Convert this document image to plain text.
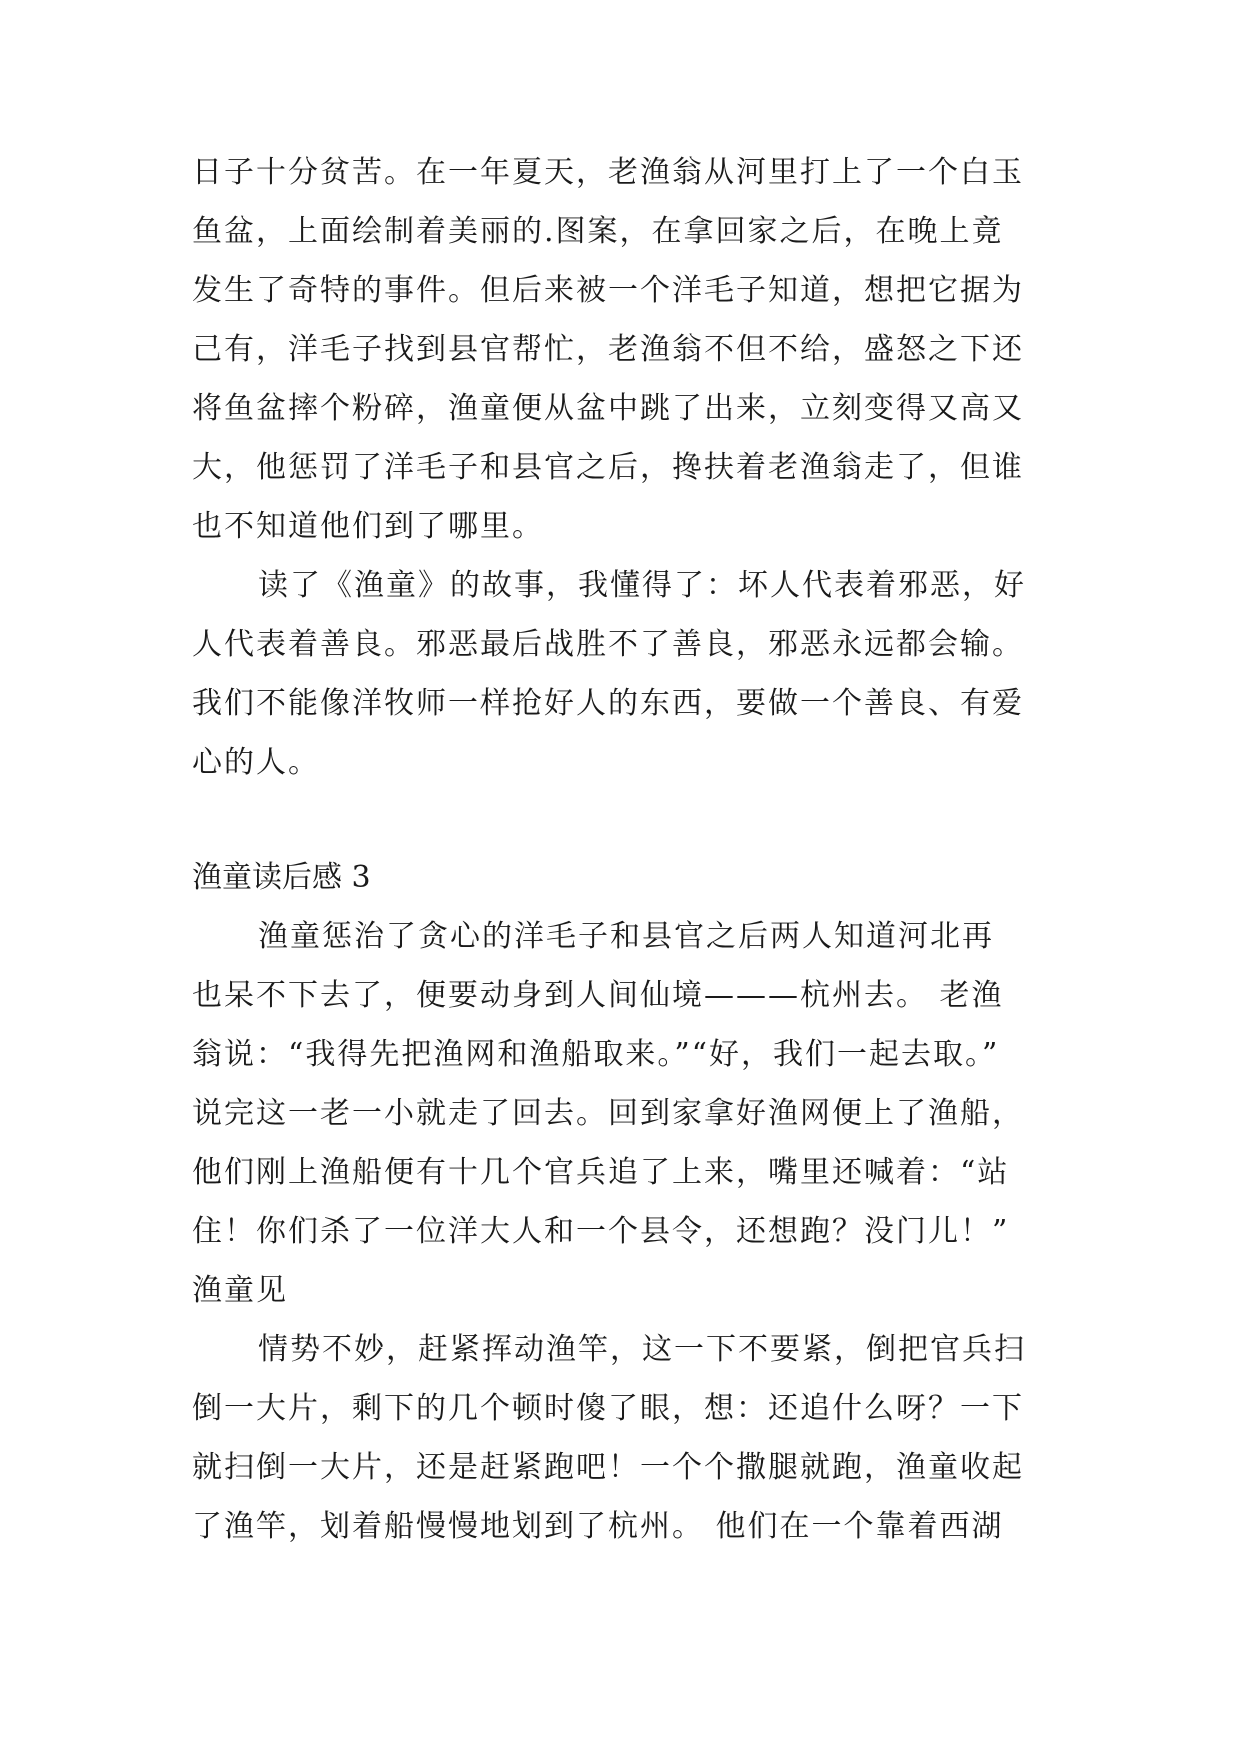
日子十分贫苦。在一年夏天，老渔翁从河里打上了一个白玉
鱼盆，上面绘制着美丽的.图案，在拿回家之后，在晚上竟
发生了奇特的事件。但后来被一个洋毛子知道，想把它据为
己有，洋毛子找到县官帮忙，老渔翁不但不给，盛怒之下还
将鱼盆摔个粉碎，渔童便从盆中跳了出来，立刻变得又高又
大，他惩罚了洋毛子和县官之后，搀扶着老渔翁走了，但谁
也不知道他们到了哪里。
读了《渔童》的故事，我懂得了：坏人代表着邪恶，好
人代表着善良。邪恶最后战胜不了善良，邪恶永远都会输。
我们不能像洋牧师一样抢好人的东西，要做一个善良、有爱
心的人。
渔童读后感 3
渔童惩治了贪心的洋毛子和县官之后两人知道河北再
也呆不下去了，便要动身到人间仙境———杭州去。 老渔
翁说：“我得先把渔网和渔船取来。”“好，我们一起去取。”
说完这一老一小就走了回去。回到家拿好渔网便上了渔船，
他们刚上渔船便有十几个官兵追了上来，嘴里还喊着：“站
住！你们杀了一位洋大人和一个县令，还想跑？没门儿！”
渔童见
情势不妙，赶紧挥动渔竿，这一下不要紧，倒把官兵扫
倒一大片，剩下的几个顿时傻了眼，想：还追什么呀？一下
就扫倒一大片，还是赶紧跑吧！一个个撒腿就跑，渔童收起
了渔竿，划着船慢慢地划到了杭州。 他们在一个靠着西湖
